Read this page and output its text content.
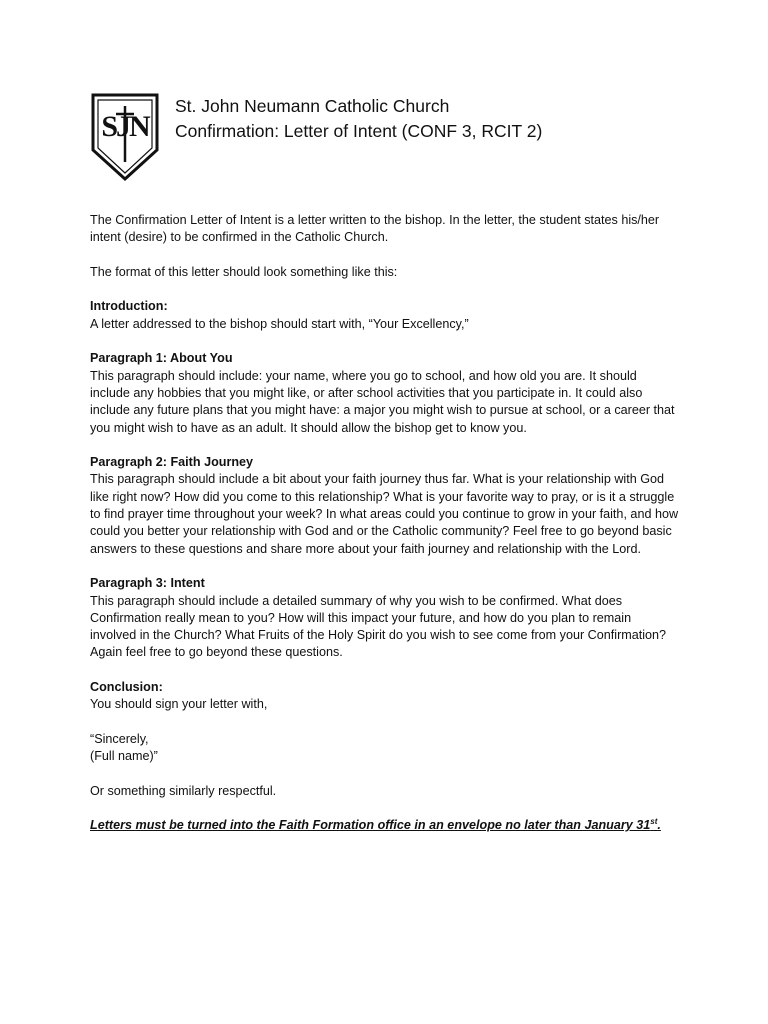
SJN
St. John Neumann Catholic Church
Confirmation: Letter of Intent (CONF 3, RCIT 2)

The Confirmation Letter of Intent is a letter written to the bishop. In the letter, the student states his/her intent (desire) to be confirmed in the Catholic Church.

The format of this letter should look something like this:

Introduction:
A letter addressed to the bishop should start with, “Your Excellency,”

Paragraph 1: About You
This paragraph should include: your name, where you go to school, and how old you are. It should include any hobbies that you might like, or after school activities that you participate in. It could also include any future plans that you might have: a major you might wish to pursue at school, or a career that you might wish to have as an adult. It should allow the bishop get to know you.

Paragraph 2: Faith Journey
This paragraph should include a bit about your faith journey thus far. What is your relationship with God like right now? How did you come to this relationship? What is your favorite way to pray, or is it a struggle to find prayer time throughout your week? In what areas could you continue to grow in your faith, and how could you better your relationship with God and or the Catholic community? Feel free to go beyond basic answers to these questions and share more about your faith journey and relationship with the Lord.

Paragraph 3: Intent
This paragraph should include a detailed summary of why you wish to be confirmed. What does Confirmation really mean to you? How will this impact your future, and how do you plan to remain involved in the Church? What Fruits of the Holy Spirit do you wish to see come from your Confirmation? Again feel free to go beyond these questions.

Conclusion:
You should sign your letter with,

“Sincerely,
(Full name)”

Or something similarly respectful.

Letters must be turned into the Faith Formation office in an envelope no later than January 31st.
